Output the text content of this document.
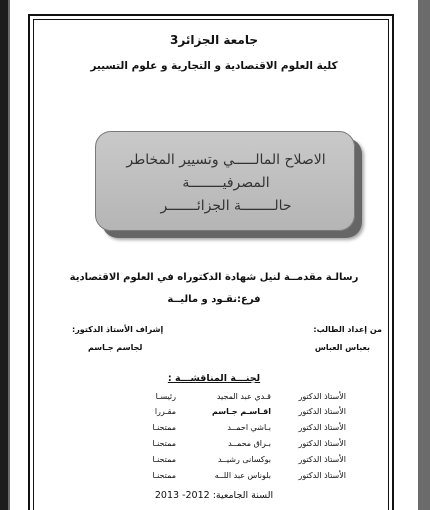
جامعة الجزائر3
كلية العلوم الاقتصادية و التجارية و علوم التسيير
الاصلاح المالـــــي وتسيير المخاطر
المصرفيــــــــة
حالــــــــة الجزائـــــــر
رسالـة مقدمــة لنيل شهادة الدكتوراه في العلوم الاقتصادية
فرع:نقـود و ماليــة
من إعداد الطالب:
بعباس العباس
إشراف الأستاذ الدكتور:
لجاسم جـاسم
لجنـــة المناقشـــة :
الأستاذ الدكتور
قـدي عبد المجيد
رئيسـا
الأستاذ الدكتور
اقـاسـم جـاسم
مقـررا
الأستاذ الدكتور
بـاشي احمــد
ممتحنـا
الأستاذ الدكتور
بـراق محمــد
ممتحنـا
الأستاذ الدكتور
بوكسانى رشيــد
ممتحنـا
الأستاذ الدكتور
بلوناس عبد اللــه
ممتحنـا
السنة الجامعية: 2012- 2013
